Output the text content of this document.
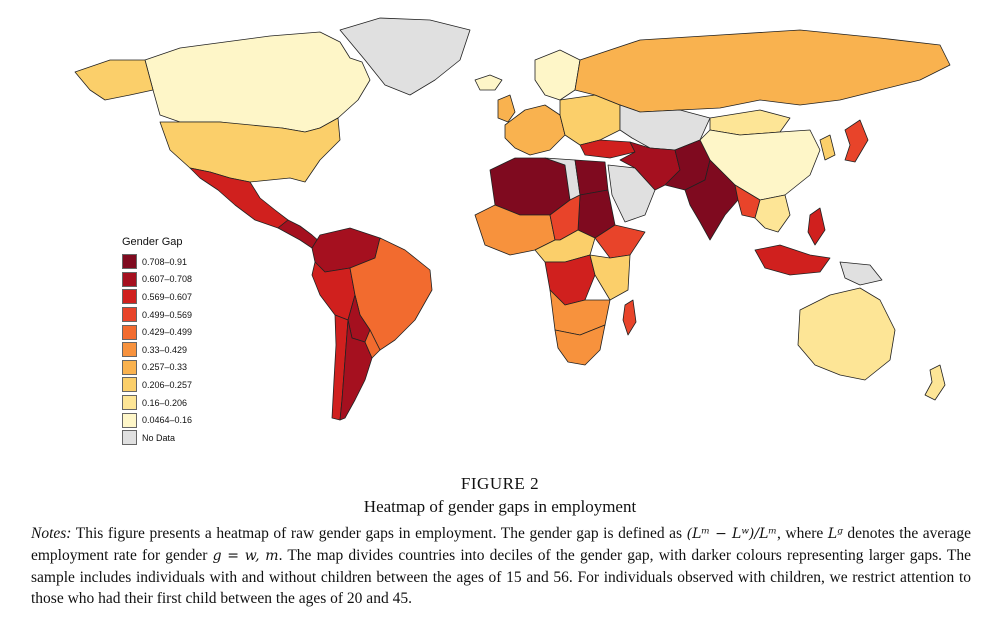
Gender Gap
0.708–0.91
0.607–0.708
0.569–0.607
0.499–0.569
0.429–0.499
0.33–0.429
0.257–0.33
0.206–0.257
0.16–0.206
0.0464–0.16
No Data
FIGURE 2
Heatmap of gender gaps in employment
Notes: This figure presents a heatmap of raw gender gaps in employment. The gender gap is defined as (Lᵐ − Lʷ)/Lᵐ, where Lᵍ denotes the average employment rate for gender g = w, m. The map divides countries into deciles of the gender gap, with darker colours representing larger gaps. The sample includes individuals with and without children between the ages of 15 and 56. For individuals observed with children, we restrict attention to those who had their first child between the ages of 20 and 45.
